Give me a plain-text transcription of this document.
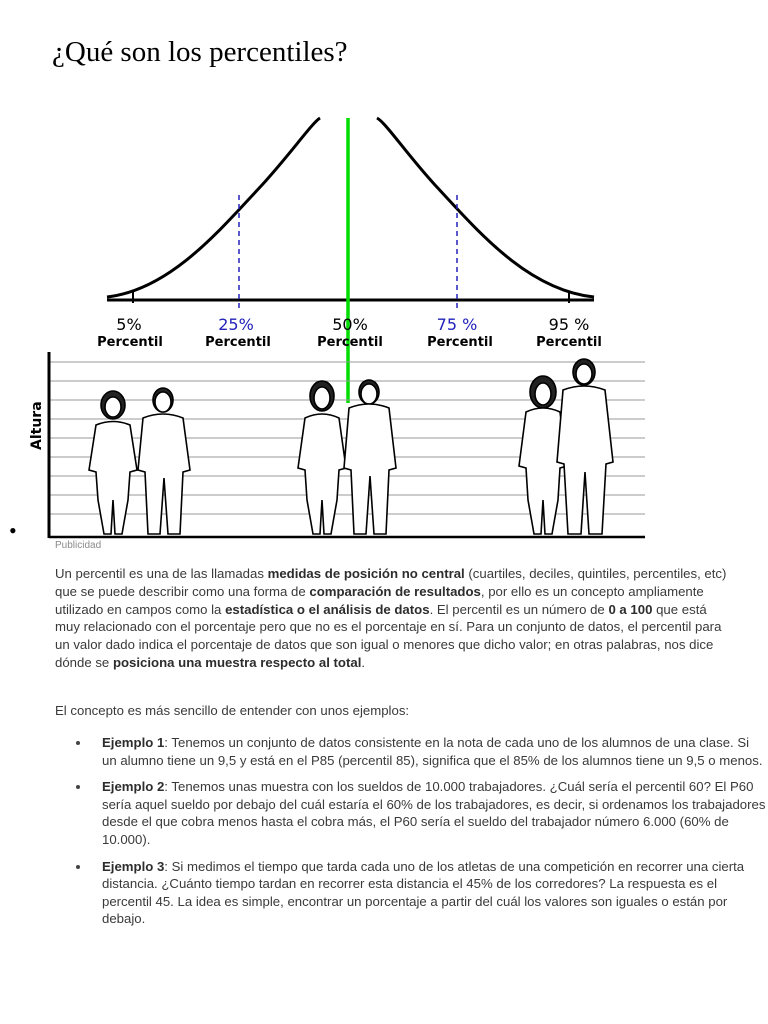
¿Qué son los percentiles?
5%
Percentil
25%
Percentil
50%
Percentil
75 %
Percentil
95 %
Percentil
Altura
•
Publicidad
Un percentil es una de las llamadas medidas de posición no central (cuartiles, deciles, quintiles, percentiles, etc) que se puede describir como una forma de comparación de resultados, por ello es un concepto ampliamente utilizado en campos como la estadística o el análisis de datos. El percentil es un número de 0 a 100 que está muy relacionado con el porcentaje pero que no es el porcentaje en sí. Para un conjunto de datos, el percentil para un valor dado indica el porcentaje de datos que son igual o menores que dicho valor; en otras palabras, nos dice dónde se posiciona una muestra respecto al total.
El concepto es más sencillo de entender con unos ejemplos:
Ejemplo 1: Tenemos un conjunto de datos consistente en la nota de cada uno de los alumnos de una clase. Si un alumno tiene un 9,5 y está en el P85 (percentil 85), significa que el 85% de los alumnos tiene un 9,5 o menos.
Ejemplo 2: Tenemos unas muestra con los sueldos de 10.000 trabajadores. ¿Cuál sería el percentil 60? El P60 sería aquel sueldo por debajo del cuál estaría el 60% de los trabajadores, es decir, si ordenamos los trabajadores desde el que cobra menos hasta el cobra más, el P60 sería el sueldo del trabajador número 6.000 (60% de 10.000).
Ejemplo 3: Si medimos el tiempo que tarda cada uno de los atletas de una competición en recorrer una cierta distancia. ¿Cuánto tiempo tardan en recorrer esta distancia el 45% de los corredores? La respuesta es el percentil 45. La idea es simple, encontrar un porcentaje a partir del cuál los valores son iguales o están por debajo.
